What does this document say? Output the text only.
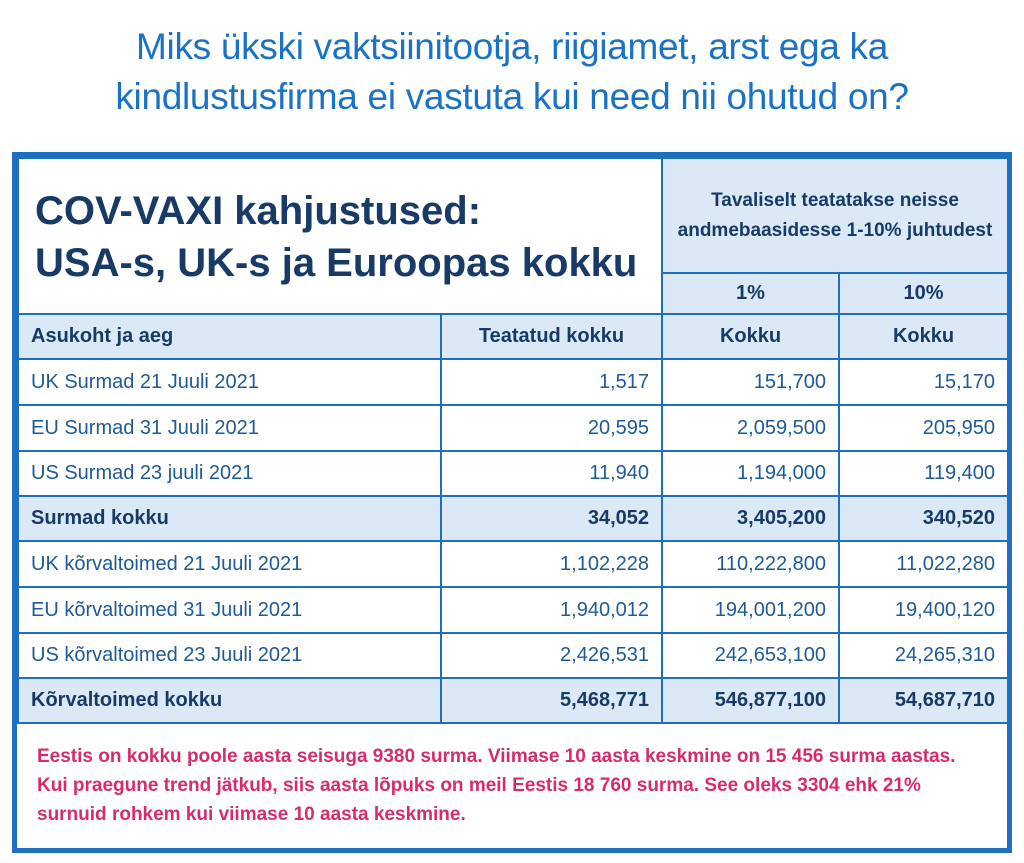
Miks ükski vaktsiinitootja, riigiamet, arst ega ka
kindlustusfirma ei vastuta kui need nii ohutud on?
COV-VAXI kahjustused:
USA-s, UK-s ja Euroopas kokku		Tavaliselt teatatakse neisse andmebaasidesse 1-10% juhtudest	
		1%	10%
Asukoht ja aeg	Teatatud kokku	Kokku	Kokku
UK Surmad 21 Juuli 2021	1,517	151,700	15,170
EU Surmad 31 Juuli 2021	20,595	2,059,500	205,950
US Surmad 23 juuli 2021	11,940	1,194,000	119,400
Surmad kokku	34,052	3,405,200	340,520
UK kõrvaltoimed 21 Juuli 2021	1,102,228	110,222,800	11,022,280
EU kõrvaltoimed 31 Juuli 2021	1,940,012	194,001,200	19,400,120
US kõrvaltoimed 23 Juuli 2021	2,426,531	242,653,100	24,265,310
Kõrvaltoimed kokku	5,468,771	546,877,100	54,687,710
Eestis on kokku poole aasta seisuga 9380 surma. Viimase 10 aasta keskmine on 15 456 surma aastas. Kui praegune trend jätkub, siis aasta lõpuks on meil Eestis 18 760 surma. See oleks 3304 ehk 21% surnuid rohkem kui viimase 10 aasta keskmine.
